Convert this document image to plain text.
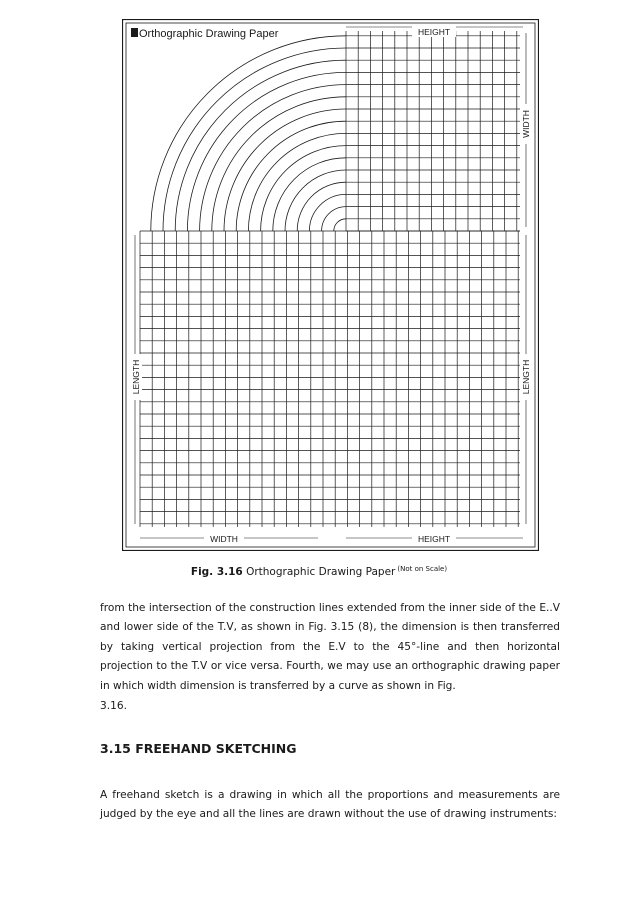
Orthographic Drawing Paper	HEIGHT
WIDTH
LENGTH	LENGTH
WIDTH	HEIGHT
Fig. 3.16 Orthographic Drawing Paper $^{(Not on Scale)}$

from the intersection of the construction lines extended from the inner side of the E..V and lower side of the T.V, as shown in Fig. 3.15 (8), the dimension is then transferred by taking vertical projection from the E.V to the 45°-line and then horizontal projection to the T.V or vice versa. Fourth, we may use an orthographic drawing paper in which width dimension is transferred by a curve as shown in Fig.

3.16.

3.15 FREEHAND SKETCHING

A freehand sketch is a drawing in which all the proportions and measurements are judged by the eye and all the lines are drawn without the use of drawing instruments:
